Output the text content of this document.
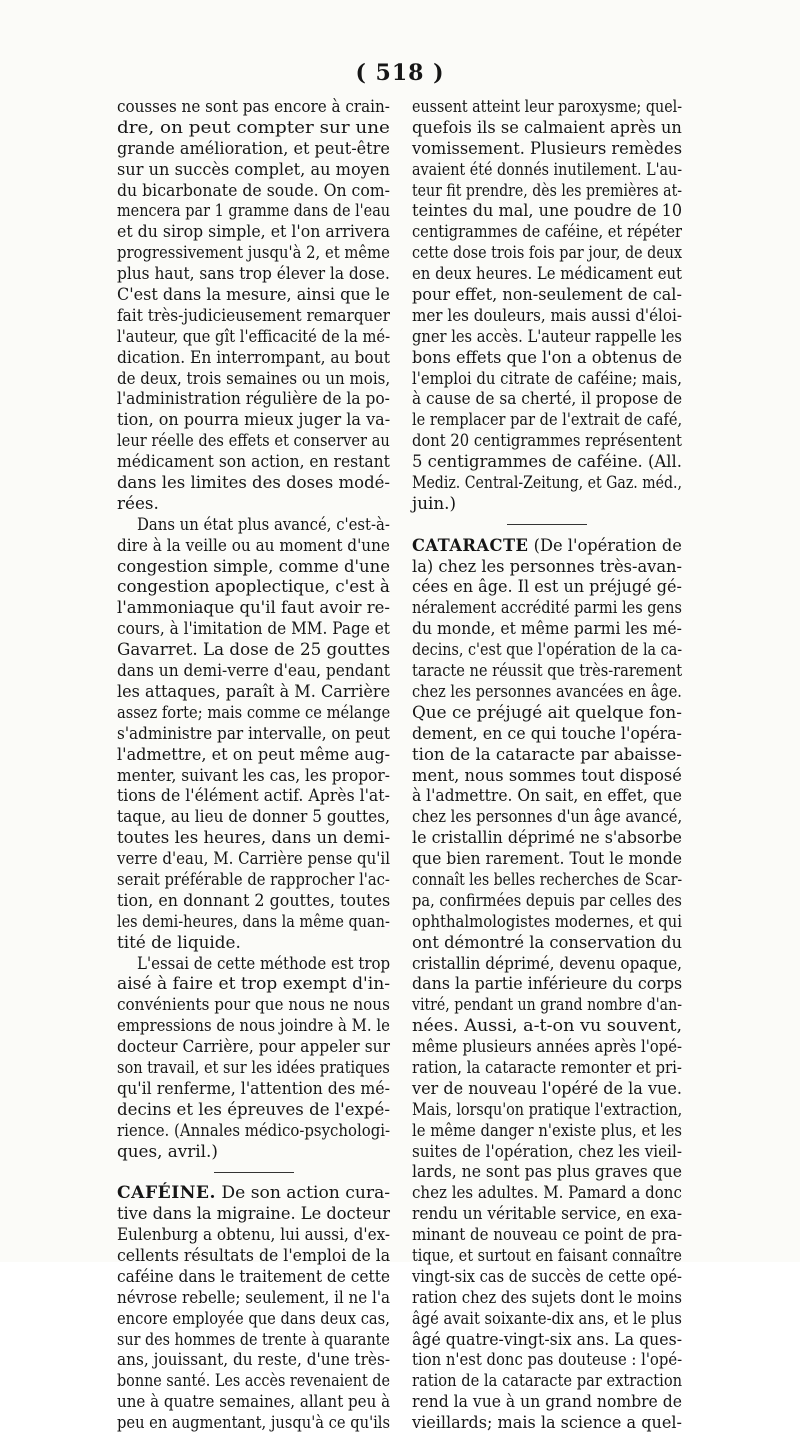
( 518 )
cousses ne sont pas encore à crain-
dre, on peut compter sur une
grande amélioration, et peut-être
sur un succès complet, au moyen
du bicarbonate de soude. On com-
mencera par 1 gramme dans de l'eau
et du sirop simple, et l'on arrivera
progressivement jusqu'à 2, et même
plus haut, sans trop élever la dose.
C'est dans la mesure, ainsi que le
fait très-judicieusement remarquer
l'auteur, que gît l'efficacité de la mé-
dication. En interrompant, au bout
de deux, trois semaines ou un mois,
l'administration régulière de la po-
tion, on pourra mieux juger la va-
leur réelle des effets et conserver au
médicament son action, en restant
dans les limites des doses modé-
rées.
Dans un état plus avancé, c'est-à-
dire à la veille ou au moment d'une
congestion simple, comme d'une
congestion apoplectique, c'est à
l'ammoniaque qu'il faut avoir re-
cours, à l'imitation de MM. Page et
Gavarret. La dose de 25 gouttes
dans un demi-verre d'eau, pendant
les attaques, paraît à M. Carrière
assez forte; mais comme ce mélange
s'administre par intervalle, on peut
l'admettre, et on peut même aug-
menter, suivant les cas, les propor-
tions de l'élément actif. Après l'at-
taque, au lieu de donner 5 gouttes,
toutes les heures, dans un demi-
verre d'eau, M. Carrière pense qu'il
serait préférable de rapprocher l'ac-
tion, en donnant 2 gouttes, toutes
les demi-heures, dans la même quan-
tité de liquide.
L'essai de cette méthode est trop
aisé à faire et trop exempt d'in-
convénients pour que nous ne nous
empressions de nous joindre à M. le
docteur Carrière, pour appeler sur
son travail, et sur les idées pratiques
qu'il renferme, l'attention des mé-
decins et les épreuves de l'expé-
rience. (Annales médico-psychologi-
ques, avril.)
CAFÉINE. De son action cura-
tive dans la migraine. Le docteur
Eulenburg a obtenu, lui aussi, d'ex-
cellents résultats de l'emploi de la
caféine dans le traitement de cette
névrose rebelle; seulement, il ne l'a
encore employée que dans deux cas,
sur des hommes de trente à quarante
ans, jouissant, du reste, d'une très-
bonne santé. Les accès revenaient de
une à quatre semaines, allant peu à
peu en augmentant, jusqu'à ce qu'ils
eussent atteint leur paroxysme; quel-
quefois ils se calmaient après un
vomissement. Plusieurs remèdes
avaient été donnés inutilement. L'au-
teur fit prendre, dès les premières at-
teintes du mal, une poudre de 10
centigrammes de caféine, et répéter
cette dose trois fois par jour, de deux
en deux heures. Le médicament eut
pour effet, non-seulement de cal-
mer les douleurs, mais aussi d'éloi-
gner les accès. L'auteur rappelle les
bons effets que l'on a obtenus de
l'emploi du citrate de caféine; mais,
à cause de sa cherté, il propose de
le remplacer par de l'extrait de café,
dont 20 centigrammes représentent
5 centigrammes de caféine. (All.
Mediz. Central-Zeitung, et Gaz. méd.,
juin.)
CATARACTE (De l'opération de
la) chez les personnes très-avan-
cées en âge. Il est un préjugé gé-
néralement accrédité parmi les gens
du monde, et même parmi les mé-
decins, c'est que l'opération de la ca-
taracte ne réussit que très-rarement
chez les personnes avancées en âge.
Que ce préjugé ait quelque fon-
dement, en ce qui touche l'opéra-
tion de la cataracte par abaisse-
ment, nous sommes tout disposé
à l'admettre. On sait, en effet, que
chez les personnes d'un âge avancé,
le cristallin déprimé ne s'absorbe
que bien rarement. Tout le monde
connaît les belles recherches de Scar-
pa, confirmées depuis par celles des
ophthalmologistes modernes, et qui
ont démontré la conservation du
cristallin déprimé, devenu opaque,
dans la partie inférieure du corps
vitré, pendant un grand nombre d'an-
nées. Aussi, a-t-on vu souvent,
même plusieurs années après l'opé-
ration, la cataracte remonter et pri-
ver de nouveau l'opéré de la vue.
Mais, lorsqu'on pratique l'extraction,
le même danger n'existe plus, et les
suites de l'opération, chez les vieil-
lards, ne sont pas plus graves que
chez les adultes. M. Pamard a donc
rendu un véritable service, en exa-
minant de nouveau ce point de pra-
tique, et surtout en faisant connaître
vingt-six cas de succès de cette opé-
ration chez des sujets dont le moins
âgé avait soixante-dix ans, et le plus
âgé quatre-vingt-six ans. La ques-
tion n'est donc pas douteuse : l'opé-
ration de la cataracte par extraction
rend la vue à un grand nombre de
vieillards; mais la science a quel-
